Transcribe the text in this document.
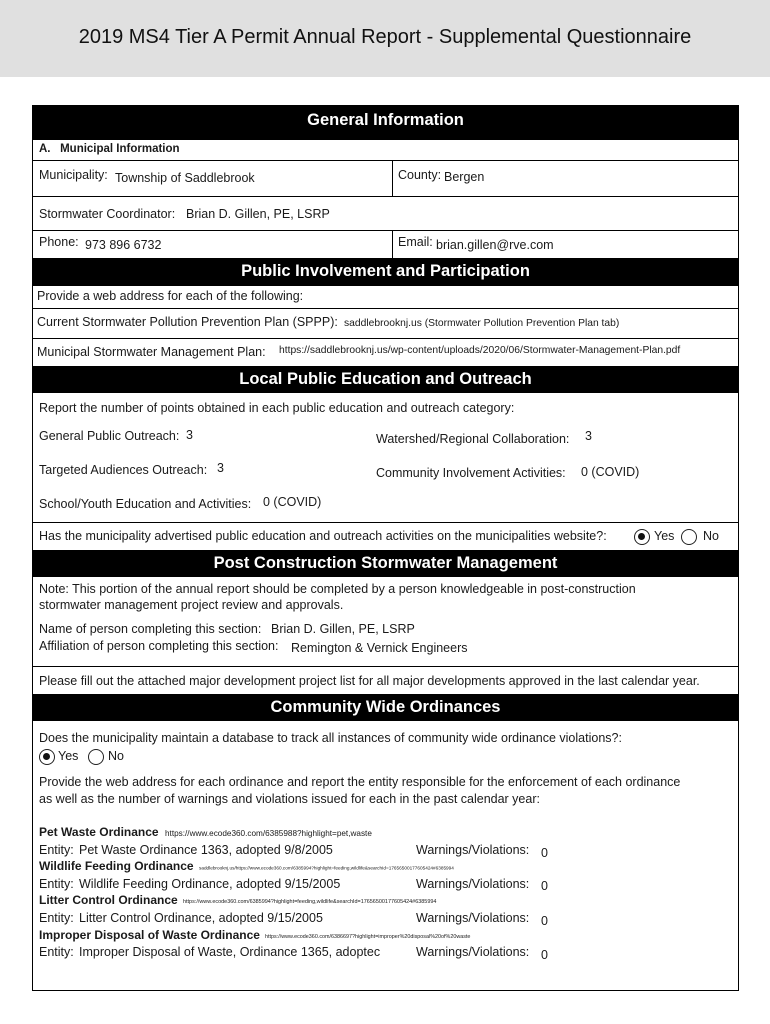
2019 MS4 Tier A Permit Annual Report - Supplemental Questionnaire
General Information
A.   Municipal Information
Municipality: Township of Saddlebrook	County: Bergen
Stormwater Coordinator: Brian D. Gillen, PE, LSRP
Phone: 973 896 6732	Email: brian.gillen@rve.com
Public Involvement and Participation
Provide a web address for each of the following:
Current Stormwater Pollution Prevention Plan (SPPP): saddlebrooknj.us (Stormwater Pollution Prevention Plan tab)
Municipal Stormwater Management Plan: https://saddlebrooknj.us/wp-content/uploads/2020/06/Stormwater-Management-Plan.pdf
Local Public Education and Outreach
Report the number of points obtained in each public education and outreach category:
General Public Outreach: 3	Watershed/Regional Collaboration: 3
Targeted Audiences Outreach: 3	Community Involvement Activities: 0 (COVID)
School/Youth Education and Activities: 0 (COVID)
Has the municipality advertised public education and outreach activities on the municipalities website?:	Yes No
Post Construction Stormwater Management
Note: This portion of the annual report should be completed by a person knowledgeable in post-construction
stormwater management project review and approvals.
Name of person completing this section: Brian D. Gillen, PE, LSRP
Affiliation of person completing this section: Remington & Vernick Engineers
Please fill out the attached major development project list for all major developments approved in the last calendar year.
Community Wide Ordinances
Does the municipality maintain a database to track all instances of community wide ordinance violations?:
Yes No
Provide the web address for each ordinance and report the entity responsible for the enforcement of each ordinance
as well as the number of warnings and violations issued for each in the past calendar year:
Pet Waste Ordinance https://www.ecode360.com/6385988?highlight=pet,waste
Entity: Pet Waste Ordinance 1363, adopted 9/8/2005	Warnings/Violations: 0
Wildlife Feeding Ordinance saddlebrooknj.us/https://www.ecode360.com/6385994?highlight=feeding,wildlife&searchId=17656500177605424#6385994
Entity: Wildlife Feeding Ordinance, adopted 9/15/2005	Warnings/Violations: 0
Litter Control Ordinance https://www.ecode360.com/6385994?highlight=feeding,wildlife&searchId=17656500177605424#6385994
Entity: Litter Control Ordinance, adopted 9/15/2005	Warnings/Violations: 0
Improper Disposal of Waste Ordinance https://www.ecode360.com/6386697?highlight=improper%20disposal%20of%20waste
Entity: Improper Disposal of Waste, Ordinance 1365, adoptec	Warnings/Violations: 0
